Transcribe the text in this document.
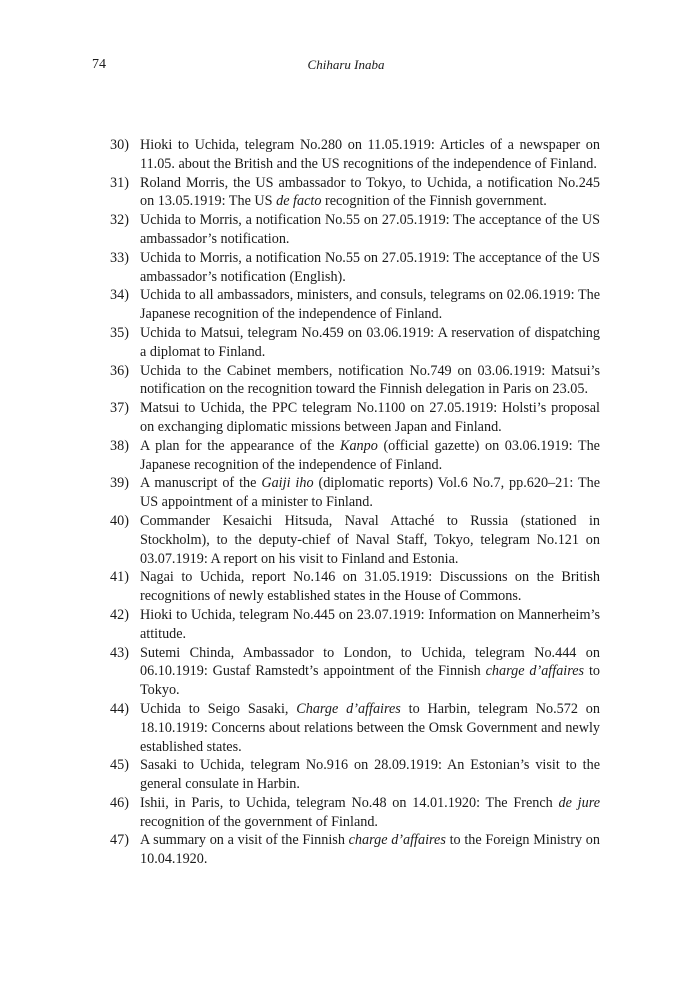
74	Chiharu Inaba
30) Hioki to Uchida, telegram No.280 on 11.05.1919: Articles of a newspaper on 11.05. about the British and the US recognitions of the independence of Finland.
31) Roland Morris, the US ambassador to Tokyo, to Uchida, a notification No.245 on 13.05.1919: The US de facto recognition of the Finnish government.
32) Uchida to Morris, a notification No.55 on 27.05.1919: The acceptance of the US ambassador’s notification.
33) Uchida to Morris, a notification No.55 on 27.05.1919: The acceptance of the US ambassador’s notification (English).
34) Uchida to all ambassadors, ministers, and consuls, telegrams on 02.06.1919: The Japanese recognition of the independence of Finland.
35) Uchida to Matsui, telegram No.459 on 03.06.1919: A reservation of dispatching a diplomat to Finland.
36) Uchida to the Cabinet members, notification No.749 on 03.06.1919: Matsui’s notification on the recognition toward the Finnish delegation in Paris on 23.05.
37) Matsui to Uchida, the PPC telegram No.1100 on 27.05.1919: Holsti’s proposal on exchanging diplomatic missions between Japan and Finland.
38) A plan for the appearance of the Kanpo (official gazette) on 03.06.1919: The Japanese recognition of the independence of Finland.
39) A manuscript of the Gaiji iho (diplomatic reports) Vol.6 No.7, pp.620–21: The US appointment of a minister to Finland.
40) Commander Kesaichi Hitsuda, Naval Attaché to Russia (stationed in Stockholm), to the deputy-chief of Naval Staff, Tokyo, telegram No.121 on 03.07.1919: A report on his visit to Finland and Estonia.
41) Nagai to Uchida, report No.146 on 31.05.1919: Discussions on the British recognitions of newly established states in the House of Commons.
42) Hioki to Uchida, telegram No.445 on 23.07.1919: Information on Mannerheim’s attitude.
43) Sutemi Chinda, Ambassador to London, to Uchida, telegram No.444 on 06.10.1919: Gustaf Ramstedt’s appointment of the Finnish charge d’affaires to Tokyo.
44) Uchida to Seigo Sasaki, Charge d’affaires to Harbin, telegram No.572 on 18.10.1919: Concerns about relations between the Omsk Government and newly established states.
45) Sasaki to Uchida, telegram No.916 on 28.09.1919: An Estonian’s visit to the general consulate in Harbin.
46) Ishii, in Paris, to Uchida, telegram No.48 on 14.01.1920: The French de jure recognition of the government of Finland.
47) A summary on a visit of the Finnish charge d’affaires to the Foreign Ministry on 10.04.1920.
